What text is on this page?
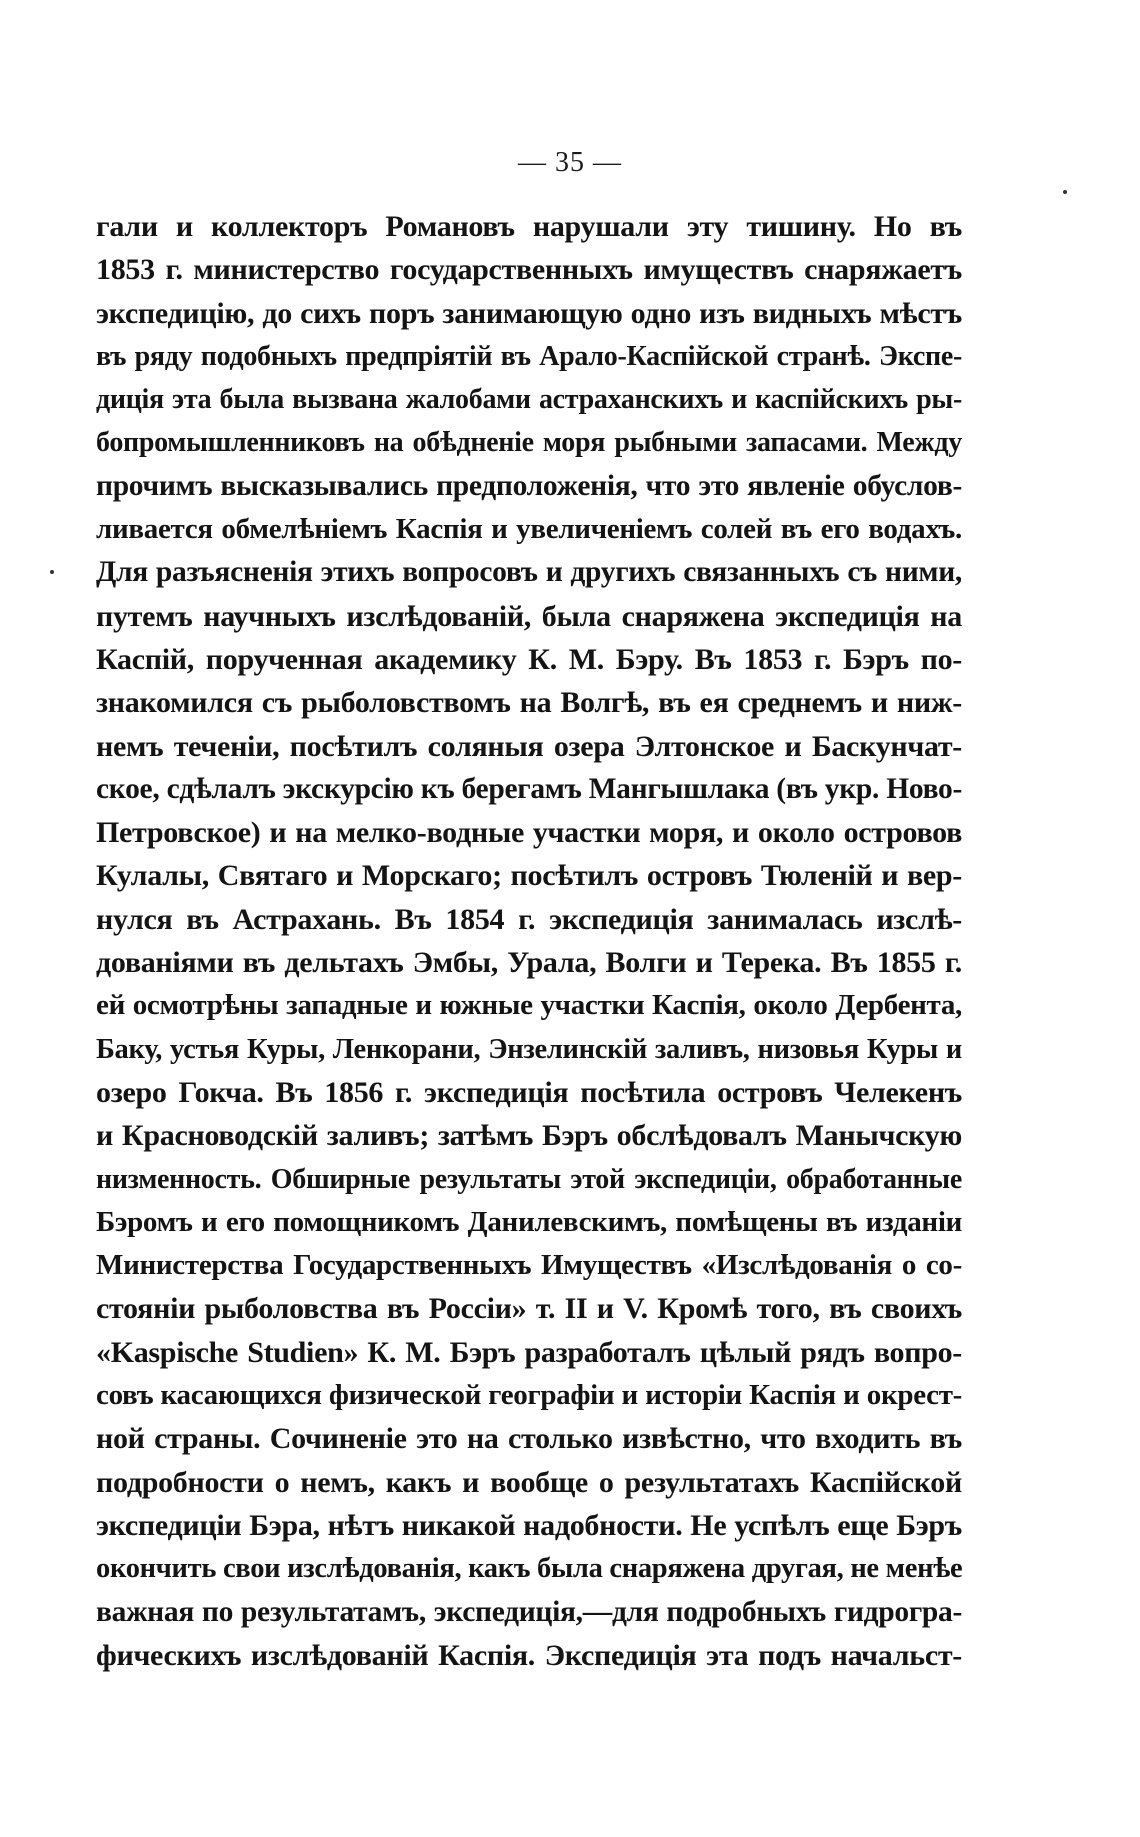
— 35 —
гали и коллекторъ Романовъ нарушали эту тишину. Но въ
1853 г. министерство государственныхъ имуществъ снаряжаетъ
экспедицію, до сихъ поръ занимающую одно изъ видныхъ мѣстъ
въ ряду подобныхъ предпріятій въ Арало-Каспійской странѣ. Экспе-
диція эта была вызвана жалобами астраханскихъ и каспійскихъ ры-
бопромышленниковъ на обѣдненіе моря рыбными запасами. Между
прочимъ высказывались предположенія, что это явленіе обуслов-
ливается обмелѣніемъ Каспія и увеличеніемъ солей въ его водахъ.
Для разъясненія этихъ вопросовъ и другихъ связанныхъ съ ними,
путемъ научныхъ изслѣдованій, была снаряжена экспедиція на
Каспій, порученная академику К. М. Бэру. Въ 1853 г. Бэръ по-
знакомился съ рыболовствомъ на Волгѣ, въ ея среднемъ и ниж-
немъ теченіи, посѣтилъ соляныя озера Элтонское и Баскунчат-
ское, сдѣлалъ экскурсію къ берегамъ Мангышлака (въ укр. Ново-
Петровское) и на мелко-водные участки моря, и около островов
Кулалы, Святаго и Морскаго; посѣтилъ островъ Тюленій и вер-
нулся въ Астрахань. Въ 1854 г. экспедиція занималась изслѣ-
дованіями въ дельтахъ Эмбы, Урала, Волги и Терека. Въ 1855 г.
ей осмотрѣны западные и южные участки Каспія, около Дербента,
Баку, устья Куры, Ленкорани, Энзелинскій заливъ, низовья Куры и
озеро Гокча. Въ 1856 г. экспедиція посѣтила островъ Челекенъ
и Красноводскій заливъ; затѣмъ Бэръ обслѣдовалъ Манычскую
низменность. Обширные результаты этой экспедиціи, обработанные
Бэромъ и его помощникомъ Данилевскимъ, помѣщены въ изданіи
Министерства Государственныхъ Имуществъ «Изслѣдованія о со-
стояніи рыболовства въ Россіи» т. II и V. Кромѣ того, въ своихъ
«Kaspische Studien» К. М. Бэръ разработалъ цѣлый рядъ вопро-
совъ касающихся физической географіи и исторіи Каспія и окрест-
ной страны. Сочиненіе это на столько извѣстно, что входить въ
подробности о немъ, какъ и вообще о результатахъ Каспійской
экспедиціи Бэра, нѣтъ никакой надобности. Не успѣлъ еще Бэръ
окончить свои изслѣдованія, какъ была снаряжена другая, не менѣе
важная по результатамъ, экспедиція,—для подробныхъ гидрогра-
фическихъ изслѣдованій Каспія. Экспедиція эта подъ начальст-
